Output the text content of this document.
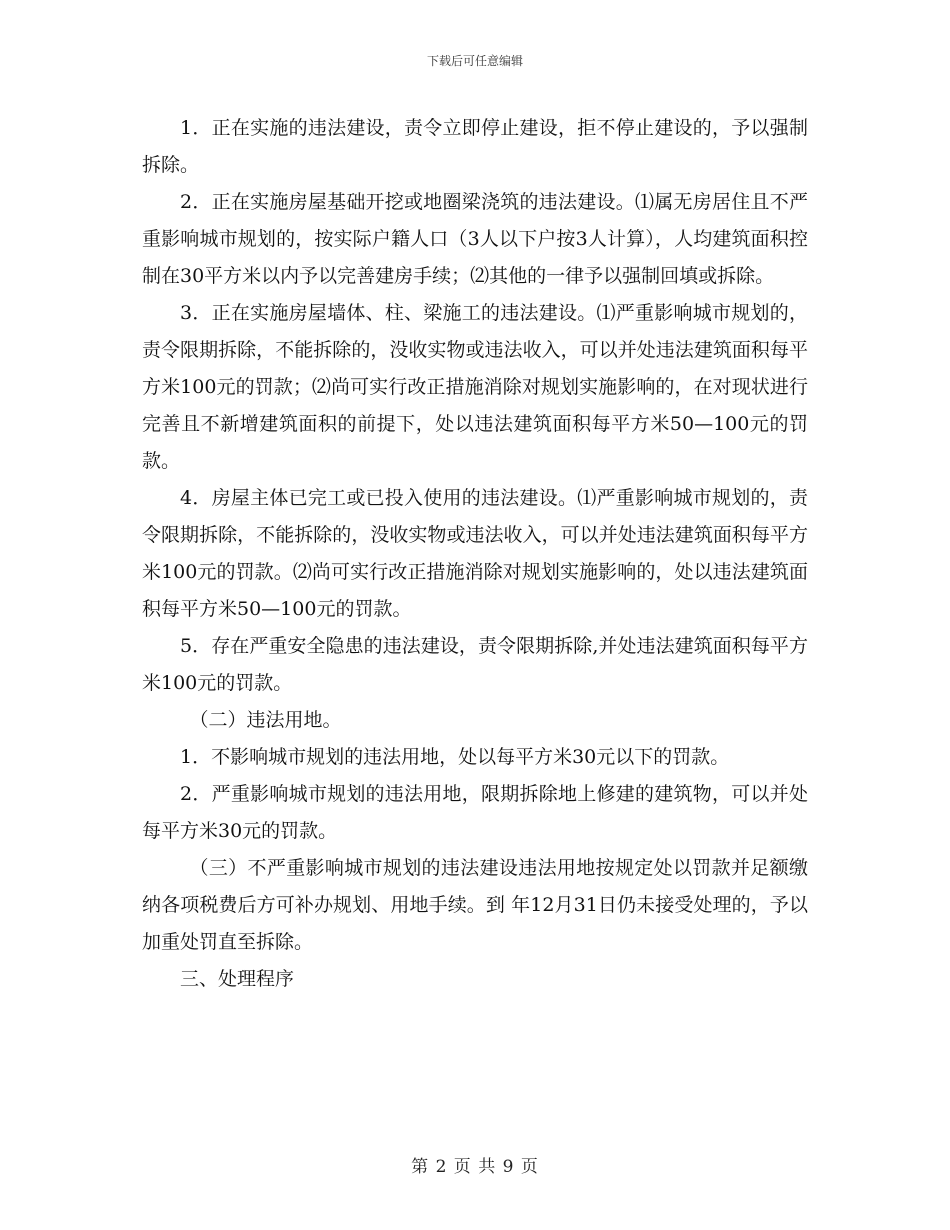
下载后可任意编辑

1．正在实施的违法建设，责令立即停止建设，拒不停止建设的，予以强制拆除。

2．正在实施房屋基础开挖或地圈梁浇筑的违法建设。⑴属无房居住且不严重影响城市规划的，按实际户籍人口（3人以下户按3人计算），人均建筑面积控制在30平方米以内予以完善建房手续；⑵其他的一律予以强制回填或拆除。

3．正在实施房屋墙体、柱、梁施工的违法建设。⑴严重影响城市规划的，责令限期拆除，不能拆除的，没收实物或违法收入，可以并处违法建筑面积每平方米100元的罚款；⑵尚可实行改正措施消除对规划实施影响的，在对现状进行完善且不新增建筑面积的前提下，处以违法建筑面积每平方米50—100元的罚款。

4．房屋主体已完工或已投入使用的违法建设。⑴严重影响城市规划的，责令限期拆除，不能拆除的，没收实物或违法收入，可以并处违法建筑面积每平方米100元的罚款。⑵尚可实行改正措施消除对规划实施影响的，处以违法建筑面积每平方米50—100元的罚款。

5．存在严重安全隐患的违法建设，责令限期拆除,并处违法建筑面积每平方米100元的罚款。

（二）违法用地。

1．不影响城市规划的违法用地，处以每平方米30元以下的罚款。

2．严重影响城市规划的违法用地，限期拆除地上修建的建筑物，可以并处每平方米30元的罚款。

（三）不严重影响城市规划的违法建设违法用地按规定处以罚款并足额缴纳各项税费后方可补办规划、用地手续。到 年12月31日仍未接受处理的，予以加重处罚直至拆除。

三、处理程序

第 2 页 共 9 页
